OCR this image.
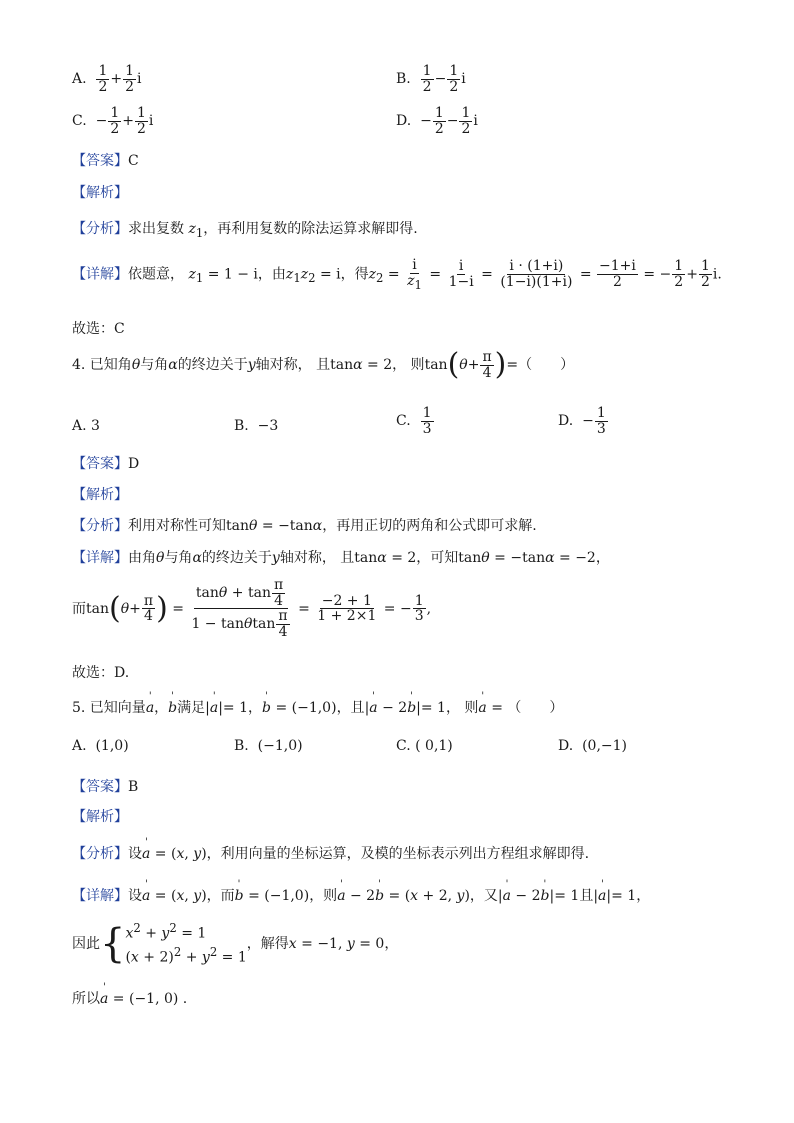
A. $\frac{1}{2} + \frac{1}{2}$ i	B. $\frac{1}{2} - \frac{1}{2}$ i
C.  − $\frac{1}{2} + \frac{1}{2}$ i	D.  − $\frac{1}{2} - \frac{1}{2}$ i
【答案】C
【解析】
【分析】求出复数 $z_1$，再利用复数的除法运算求解即得.
【详解】依题意， $z_1 = 1 - i$，由$z_1z_2 = i$，得$z_2 = \frac{i}{z_1} = \frac{i}{1-i} = \frac{i \cdot (1+i)}{(1-i)(1+i)} = \frac{-1+i}{2}$ = − $\frac{1}{2} + \frac{1}{2} i$.
故选：C
4. 已知角θ与角α的终边关于y轴对称， 且tanα = 2， 则$\tan(\theta+ \frac{\pi}{4}$ )=（　　）
A. 3	B. −3	C. $\frac{1}{3}$	D.  − $\frac{1}{3}$
【答案】D
【解析】
【分析】利用对称性可知tanθ = −tanα，再用正切的两角和公式即可求解.
【详解】由角θ与角α的终边关于y轴对称， 且tanα = 2，可知tanθ = −tanα = −2，
而$\tan(\theta+ \frac{\pi}{4}$ ) = $\frac{\tan\theta + \tan \frac{\pi}{4}}{1 - \tan\theta\tan \frac{\pi}{4}} = \frac{-2 + 1}{1 + 2\times 1}$ = − $\frac{1}{3}$ ,
故选：D.
5. 已知向量' a，' b满足|' a|= 1，' b = (−1,0)，且|' a − 2' b|= 1， 则' a = （　　）
A. (1,0)	B. (−1,0)	C. ( 0,1)	D. (0,−1)
【答案】B
【解析】
【分析】设' a = (x, y)，利用向量的坐标运算，及模的坐标表示列出方程组求解即得.
【详解】设' a = (x, y)，而' b = (−1,0)，则' a − 2' b = (x + 2, y)，又|' a − 2' b|= 1且|' a|= 1，
因此{ $x^2 + y^2 = 1$
$(x + 2)^2 + y^2 = 1$
，解得x = −1, y = 0，
所以' a = (−1, 0) .
